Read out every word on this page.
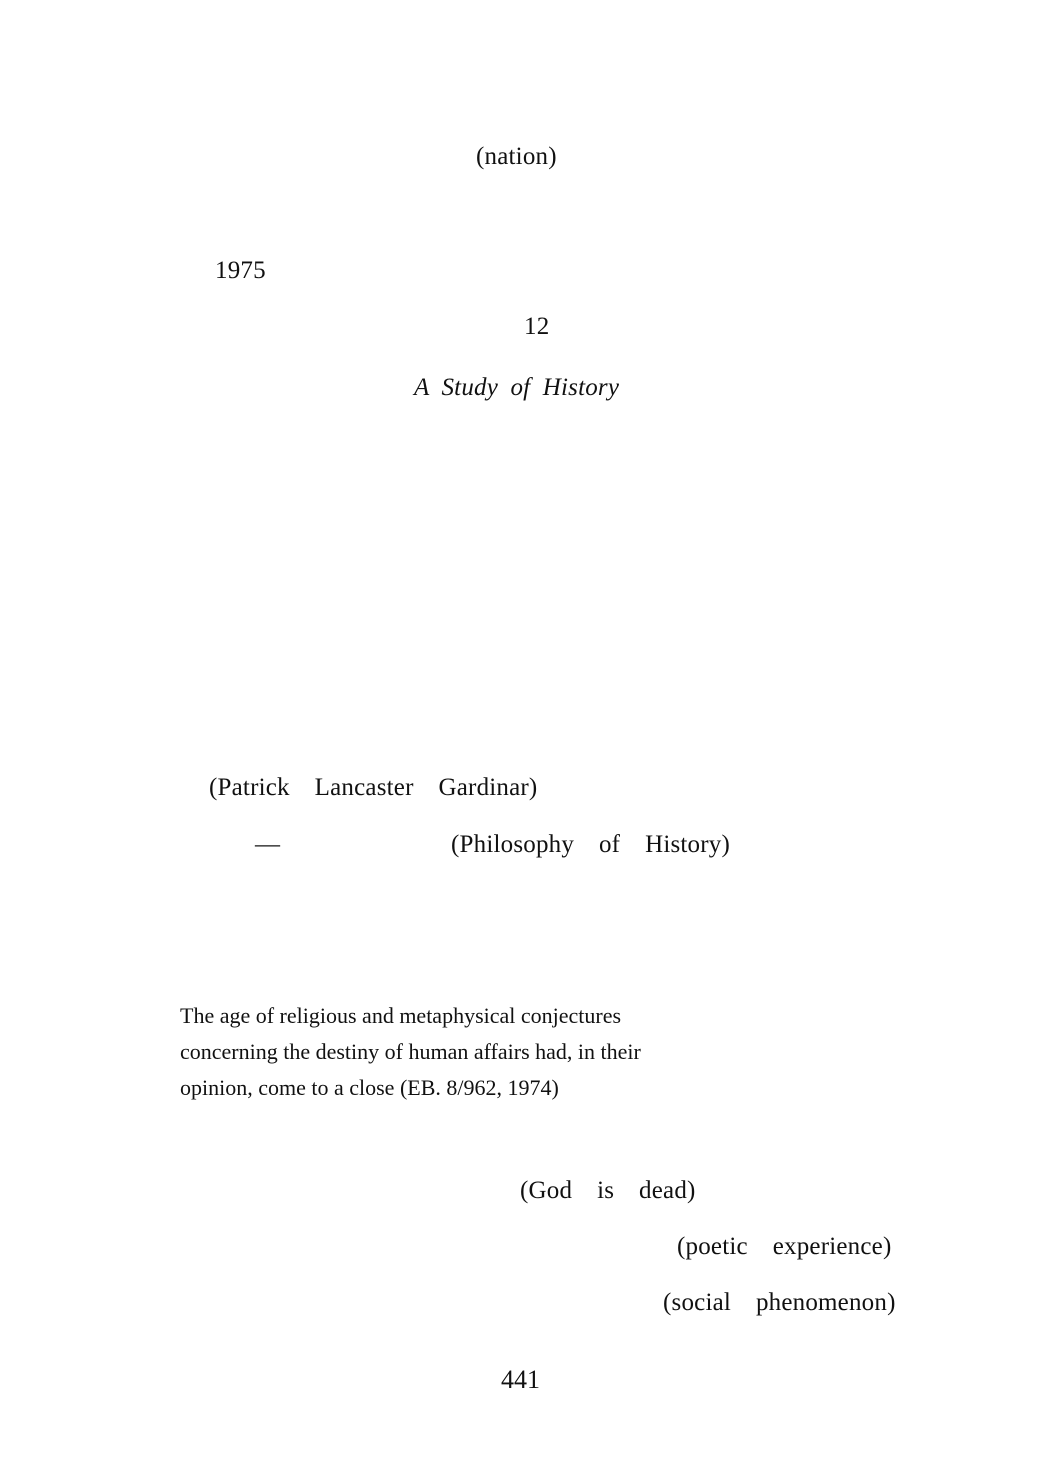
(nation)
1975
12
A Study of History
(Patrick  Lancaster  Gardinar)
—	(Philosophy  of  History)
The age of religious and metaphysical conjectures
concerning the destiny of human affairs had, in their
opinion, come to a close (EB. 8/962, 1974)
(God  is  dead)
(poetic  experience)
(social  phenomenon)
441
